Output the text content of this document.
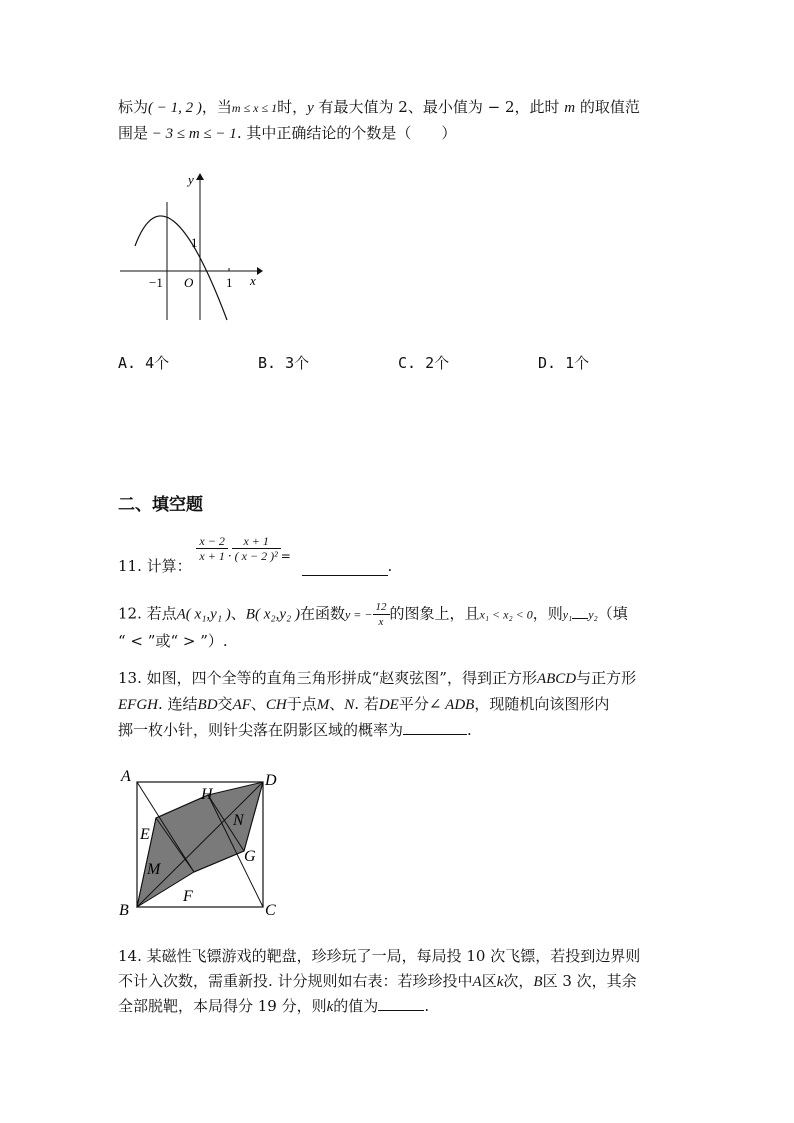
标为( − 1, 2 )，当m ≤ x ≤ 1时，y 有最大值为 2、最小值为 − 2，此时 m 的取值范
围是 − 3 ≤ m ≤ − 1. 其中正确结论的个数是（　　）
y
x
O
−1	1
1
A. 4个	B. 3个	C. 2个	D. 1个
二、填空题
11. 计算：
$\frac{x - 2}{x + 1} ^\cdot \frac{x + 1}{\text{( x − 2 )²}} ^=$ .
12. 若点A( x₁,y₁ )、B( x₂,y₂ )在函数y = − $\frac{12}{x}$ 的图象上，且x₁ < x₂ < 0，则y₁ y₂（填
“ < ”或“ > ”）.
13. 如图，四个全等的直角三角形拼成“赵爽弦图”，得到正方形ABCD与正方形
EFGH. 连结BD交AF、CH于点M、N. 若DE平分∠ ADB，现随机向该图形内
掷一枚小针，则针尖落在阴影区域的概率为	.
A
B	C
D
E
F
G
H
M
N
14. 某磁性飞镖游戏的靶盘，珍珍玩了一局，每局投 10 次飞镖，若投到边界则
不计入次数，需重新投. 计分规则如右表：若珍珍投中A区k次，B区 3 次，其余
全部脱靶，本局得分 19 分，则k的值为	.
